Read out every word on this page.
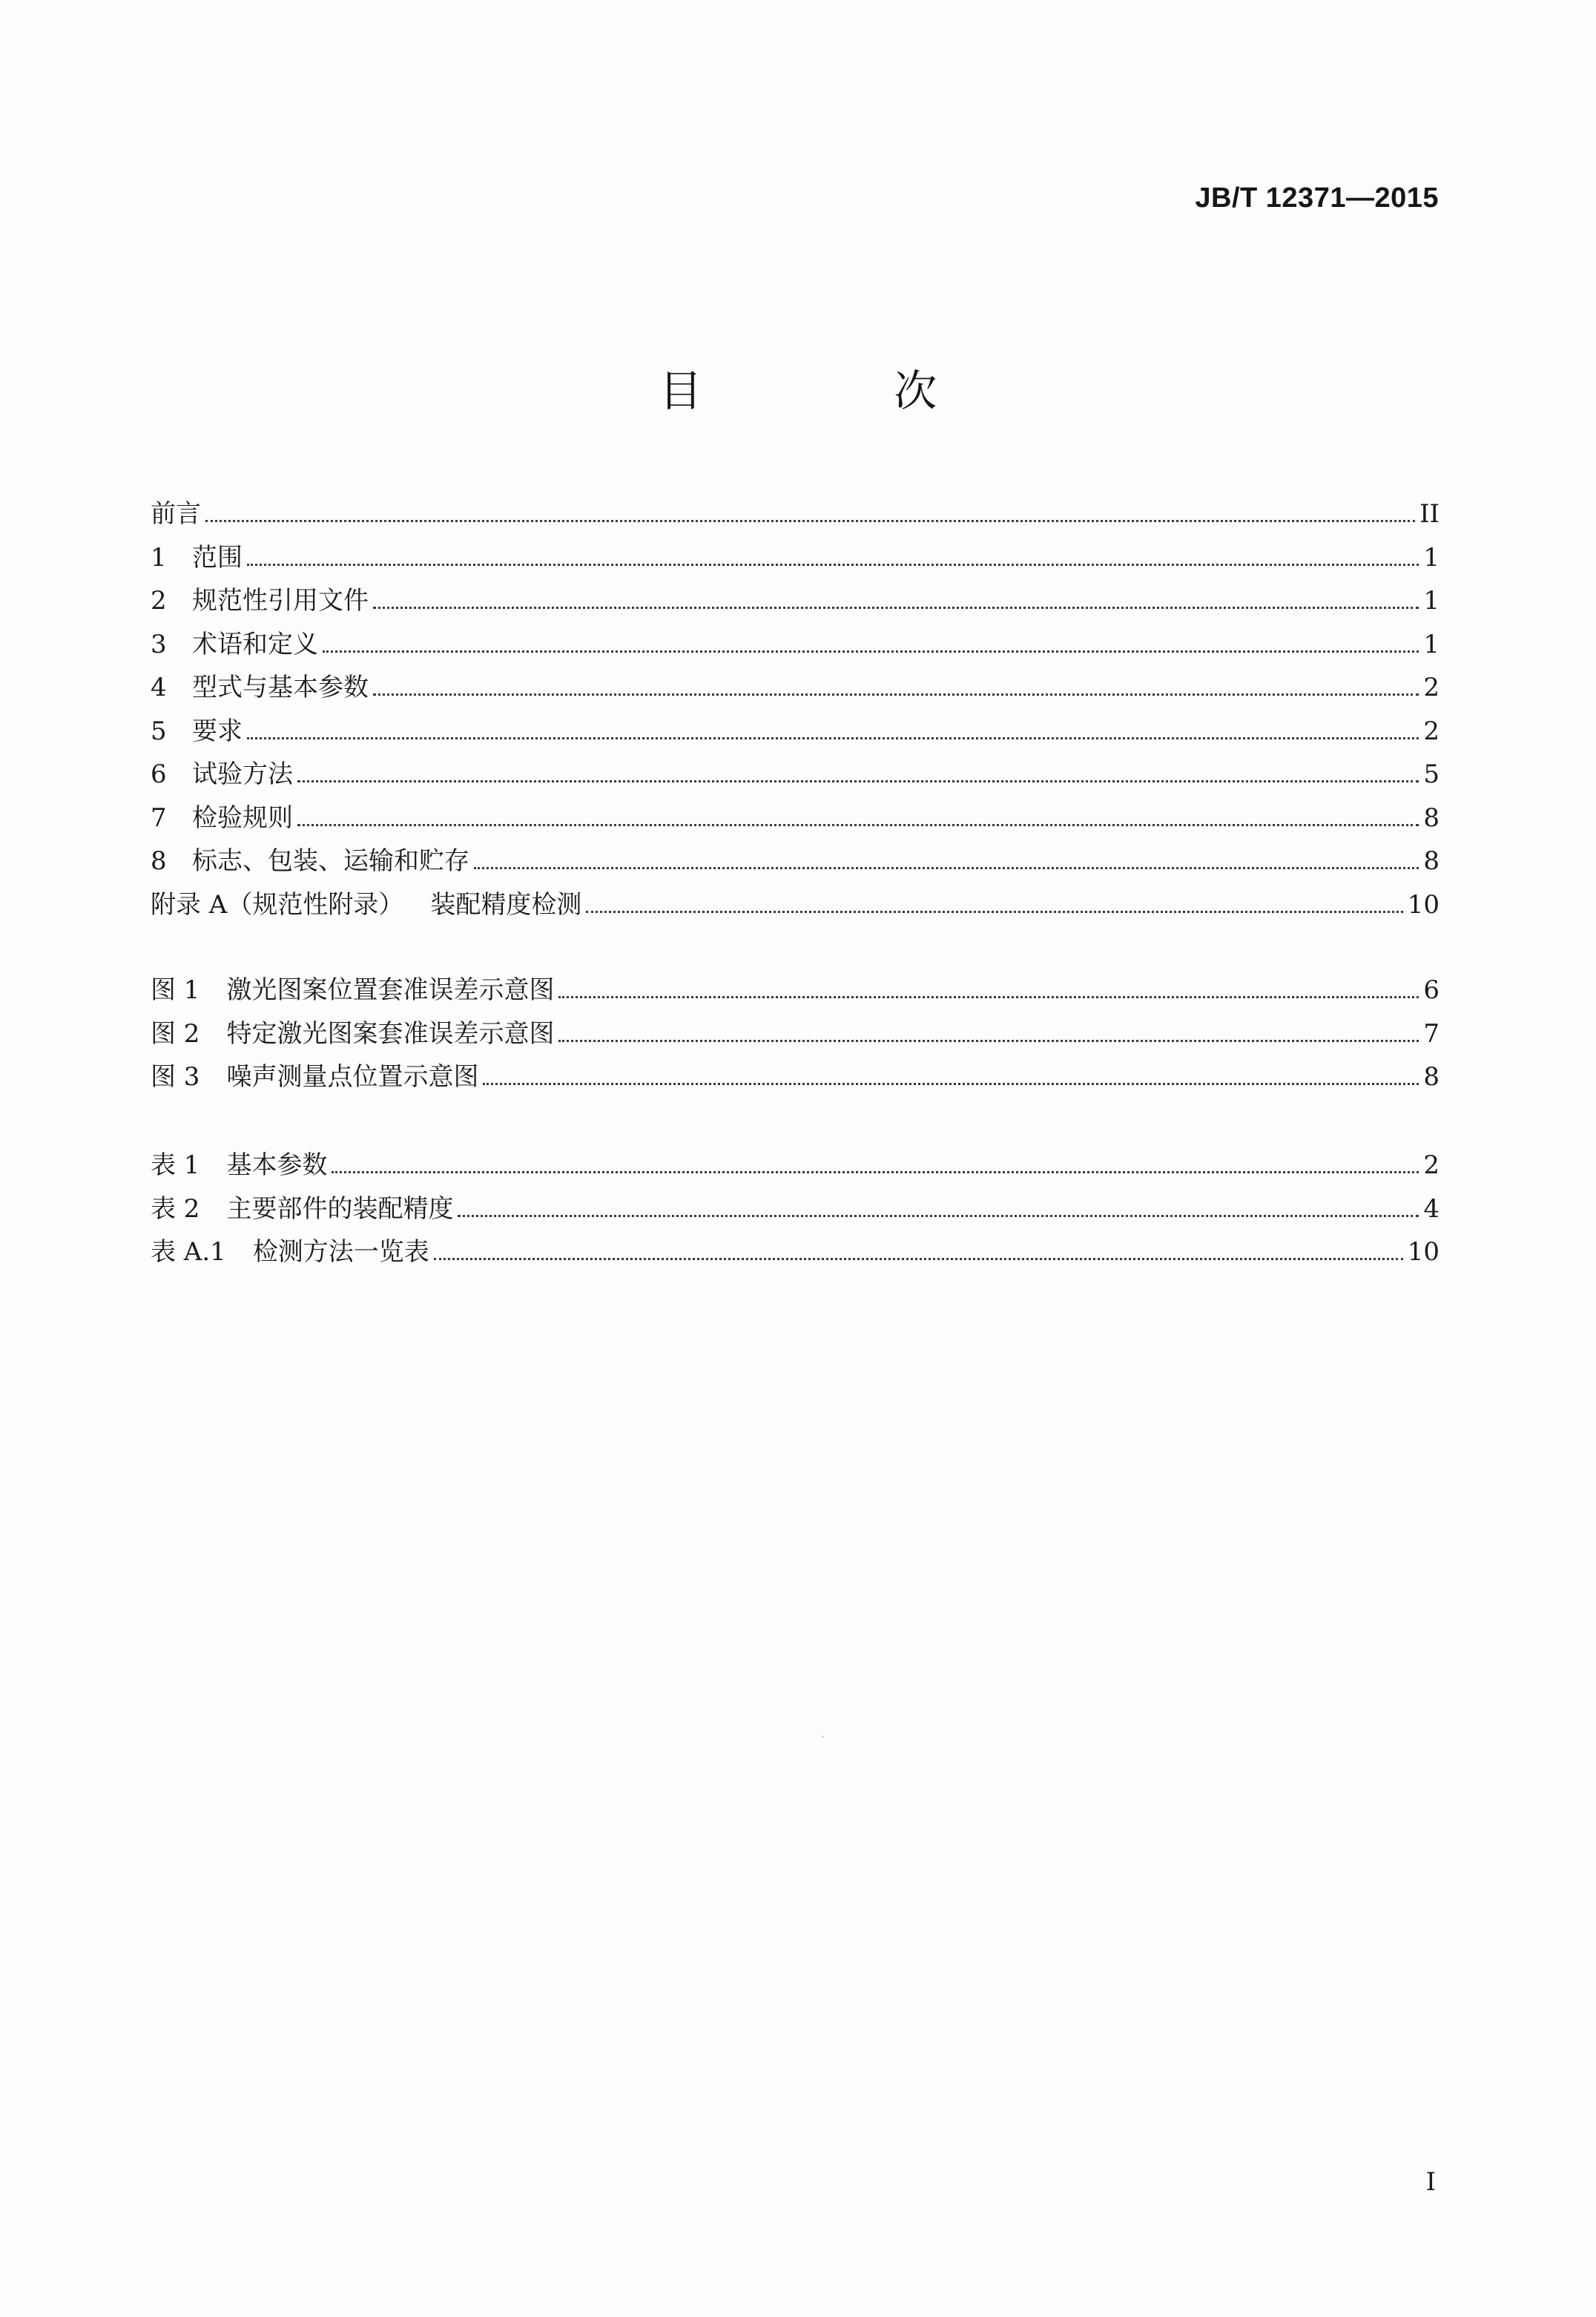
JB/T 12371—2015
目 次
前言	II
1	范围	1
2	规范性引用文件	1
3	术语和定义	1
4	型式与基本参数	2
5	要求	2
6	试验方法	5
7	检验规则	8
8	标志、包装、运输和贮存	8
附录 A（规范性附录） 装配精度检测	10
图 1 激光图案位置套准误差示意图	6
图 2 特定激光图案套准误差示意图	7
图 3 噪声测量点位置示意图	8
表 1 基本参数	2
表 2 主要部件的装配精度	4
表 A.1 检测方法一览表	10
I
